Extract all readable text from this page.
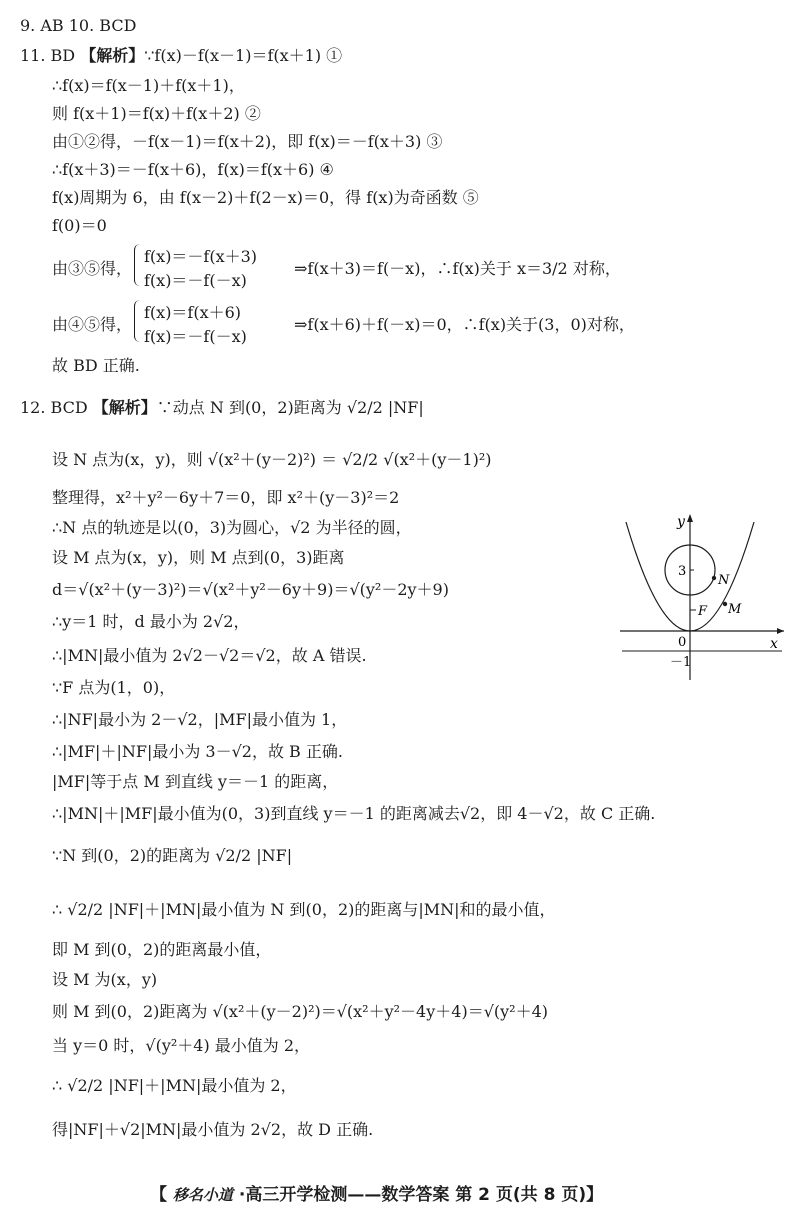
9. AB 10. BCD
11. BD 【解析】∵f(x)－f(x－1)＝f(x＋1) ①
∴f(x)＝f(x－1)＋f(x＋1)，
则 f(x＋1)＝f(x)＋f(x＋2) ②
由①②得，－f(x－1)＝f(x＋2)，即 f(x)＝－f(x＋3) ③
∴f(x＋3)＝－f(x＋6)，f(x)＝f(x＋6) ④
f(x)周期为 6，由 f(x－2)＋f(2－x)＝0，得 f(x)为奇函数 ⑤
f(0)＝0
由③⑤得，
f(x)＝－f(x＋3)
f(x)＝－f(－x)
⇒f(x＋3)＝f(－x)，∴f(x)关于 x＝3/2 对称，
由④⑤得，
f(x)＝f(x＋6)
f(x)＝－f(－x)
⇒f(x＋6)＋f(－x)＝0，∴f(x)关于(3，0)对称，
故 BD 正确.
12. BCD 【解析】∵动点 N 到(0，2)距离为 √2/2 |NF|
设 N 点为(x，y)，则 √(x²＋(y－2)²) ＝ √2/2 √(x²＋(y－1)²)
整理得，x²＋y²－6y＋7＝0，即 x²＋(y－3)²＝2
∴N 点的轨迹是以(0，3)为圆心，√2 为半径的圆，
设 M 点为(x，y)，则 M 点到(0，3)距离
d＝√(x²＋(y－3)²)＝√(x²＋y²－6y＋9)＝√(y²－2y＋9)
∴y＝1 时，d 最小为 2√2，
∴|MN|最小值为 2√2－√2＝√2，故 A 错误.
∵F 点为(1，0)，
∴|NF|最小为 2－√2，|MF|最小值为 1，
∴|MF|＋|NF|最小为 3－√2，故 B 正确.
|MF|等于点 M 到直线 y＝－1 的距离，
∴|MN|＋|MF|最小值为(0，3)到直线 y＝－1 的距离减去√2，即 4－√2，故 C 正确.
∵N 到(0，2)的距离为 √2/2 |NF|
∴ √2/2 |NF|＋|MN|最小值为 N 到(0，2)的距离与|MN|和的最小值，
即 M 到(0，2)的距离最小值，
设 M 为(x，y)
则 M 到(0，2)距离为 √(x²＋(y－2)²)＝√(x²＋y²－4y＋4)＝√(y²＋4)
当 y＝0 时，√(y²＋4) 最小值为 2，
∴ √2/2 |NF|＋|MN|最小值为 2，
得|NF|＋√2|MN|最小值为 2√2，故 D 正确.
y
x
0
3
－1
N
F M
【 移名小道 ·高三开学检测——数学答案 第 2 页(共 8 页)】
